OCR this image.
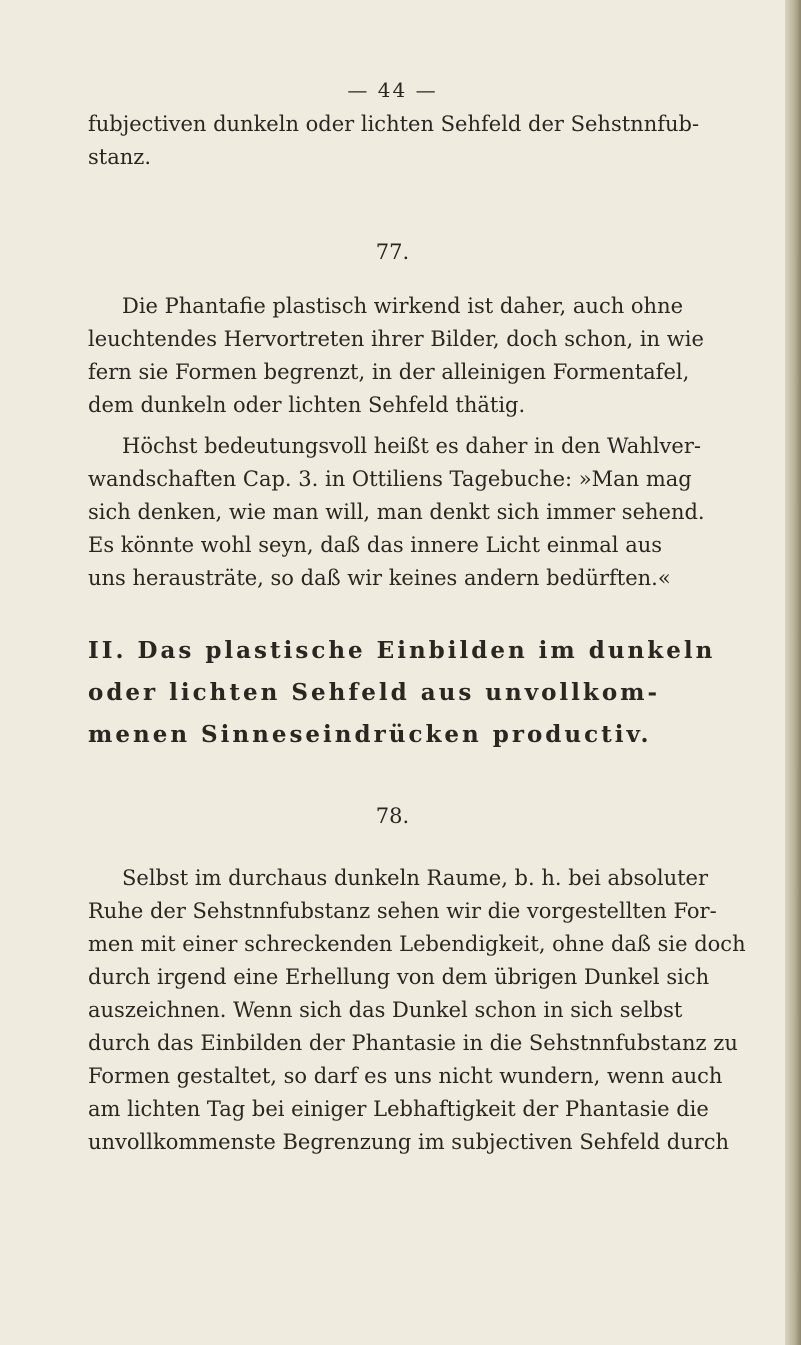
— 44 —
fubjectiven dunkeln oder lichten Sehfeld der Sehstnnfub-
stanz.
77.
Die Phantafie plastisch wirkend ist daher, auch ohne
leuchtendes Hervortreten ihrer Bilder, doch schon, in wie
fern sie Formen begrenzt, in der alleinigen Formentafel,
dem dunkeln oder lichten Sehfeld thätig.
Höchst bedeutungsvoll heißt es daher in den Wahlver-
wandschaften Cap. 3. in Ottiliens Tagebuche: »Man mag
sich denken, wie man will, man denkt sich immer sehend.
Es könnte wohl seyn, daß das innere Licht einmal aus
uns herausträte, so daß wir keines andern bedürften.«
II. Das plastische Einbilden im dunkeln
oder lichten Sehfeld aus unvollkom-
menen Sinneseindrücken productiv.
78.
Selbst im durchaus dunkeln Raume, b. h. bei absoluter
Ruhe der Sehstnnfubstanz sehen wir die vorgestellten For-
men mit einer schreckenden Lebendigkeit, ohne daß sie doch
durch irgend eine Erhellung von dem übrigen Dunkel sich
auszeichnen. Wenn sich das Dunkel schon in sich selbst
durch das Einbilden der Phantasie in die Sehstnnfubstanz zu
Formen gestaltet, so darf es uns nicht wundern, wenn auch
am lichten Tag bei einiger Lebhaftigkeit der Phantasie die
unvollkommenste Begrenzung im subjectiven Sehfeld durch
